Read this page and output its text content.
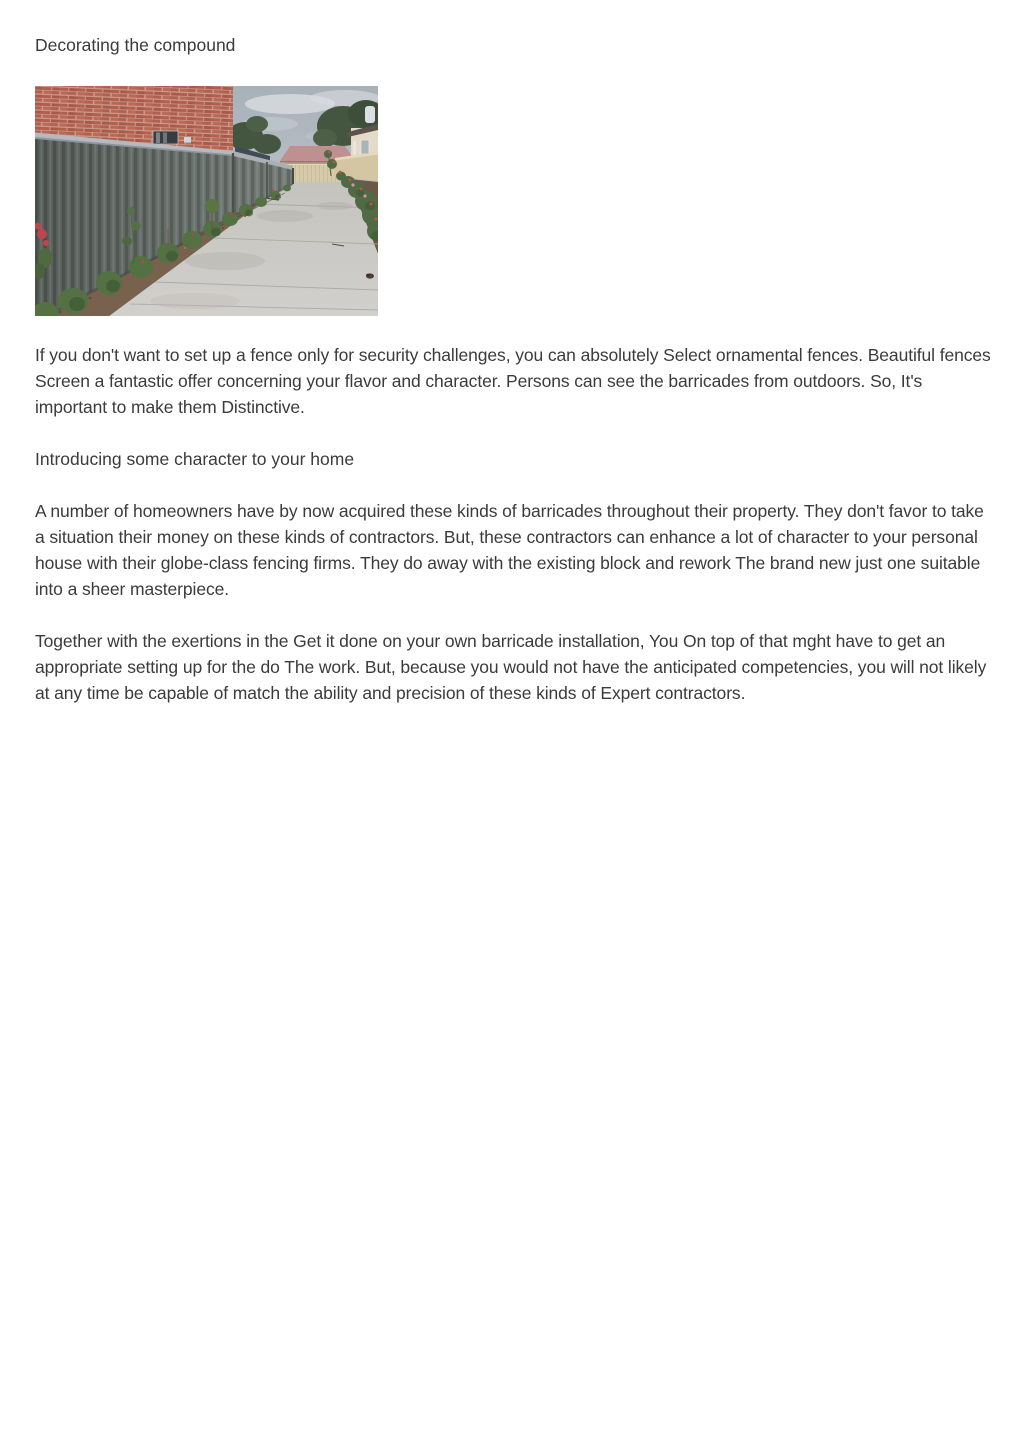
Decorating the compound

If you don't want to set up a fence only for security challenges, you can absolutely Select ornamental fences. Beautiful fences Screen a fantastic offer concerning your flavor and character. Persons can see the barricades from outdoors. So, It's important to make them Distinctive.

Introducing some character to your home

A number of homeowners have by now acquired these kinds of barricades throughout their property. They don't favor to take a situation their money on these kinds of contractors. But, these contractors can enhance a lot of character to your personal house with their globe-class fencing firms. They do away with the existing block and rework The brand new just one suitable into a sheer masterpiece.

Together with the exertions in the Get it done on your own barricade installation, You On top of that mght have to get an appropriate setting up for the do The work. But, because you would not have the anticipated competencies, you will not likely at any time be capable of match the ability and precision of these kinds of Expert contractors.
